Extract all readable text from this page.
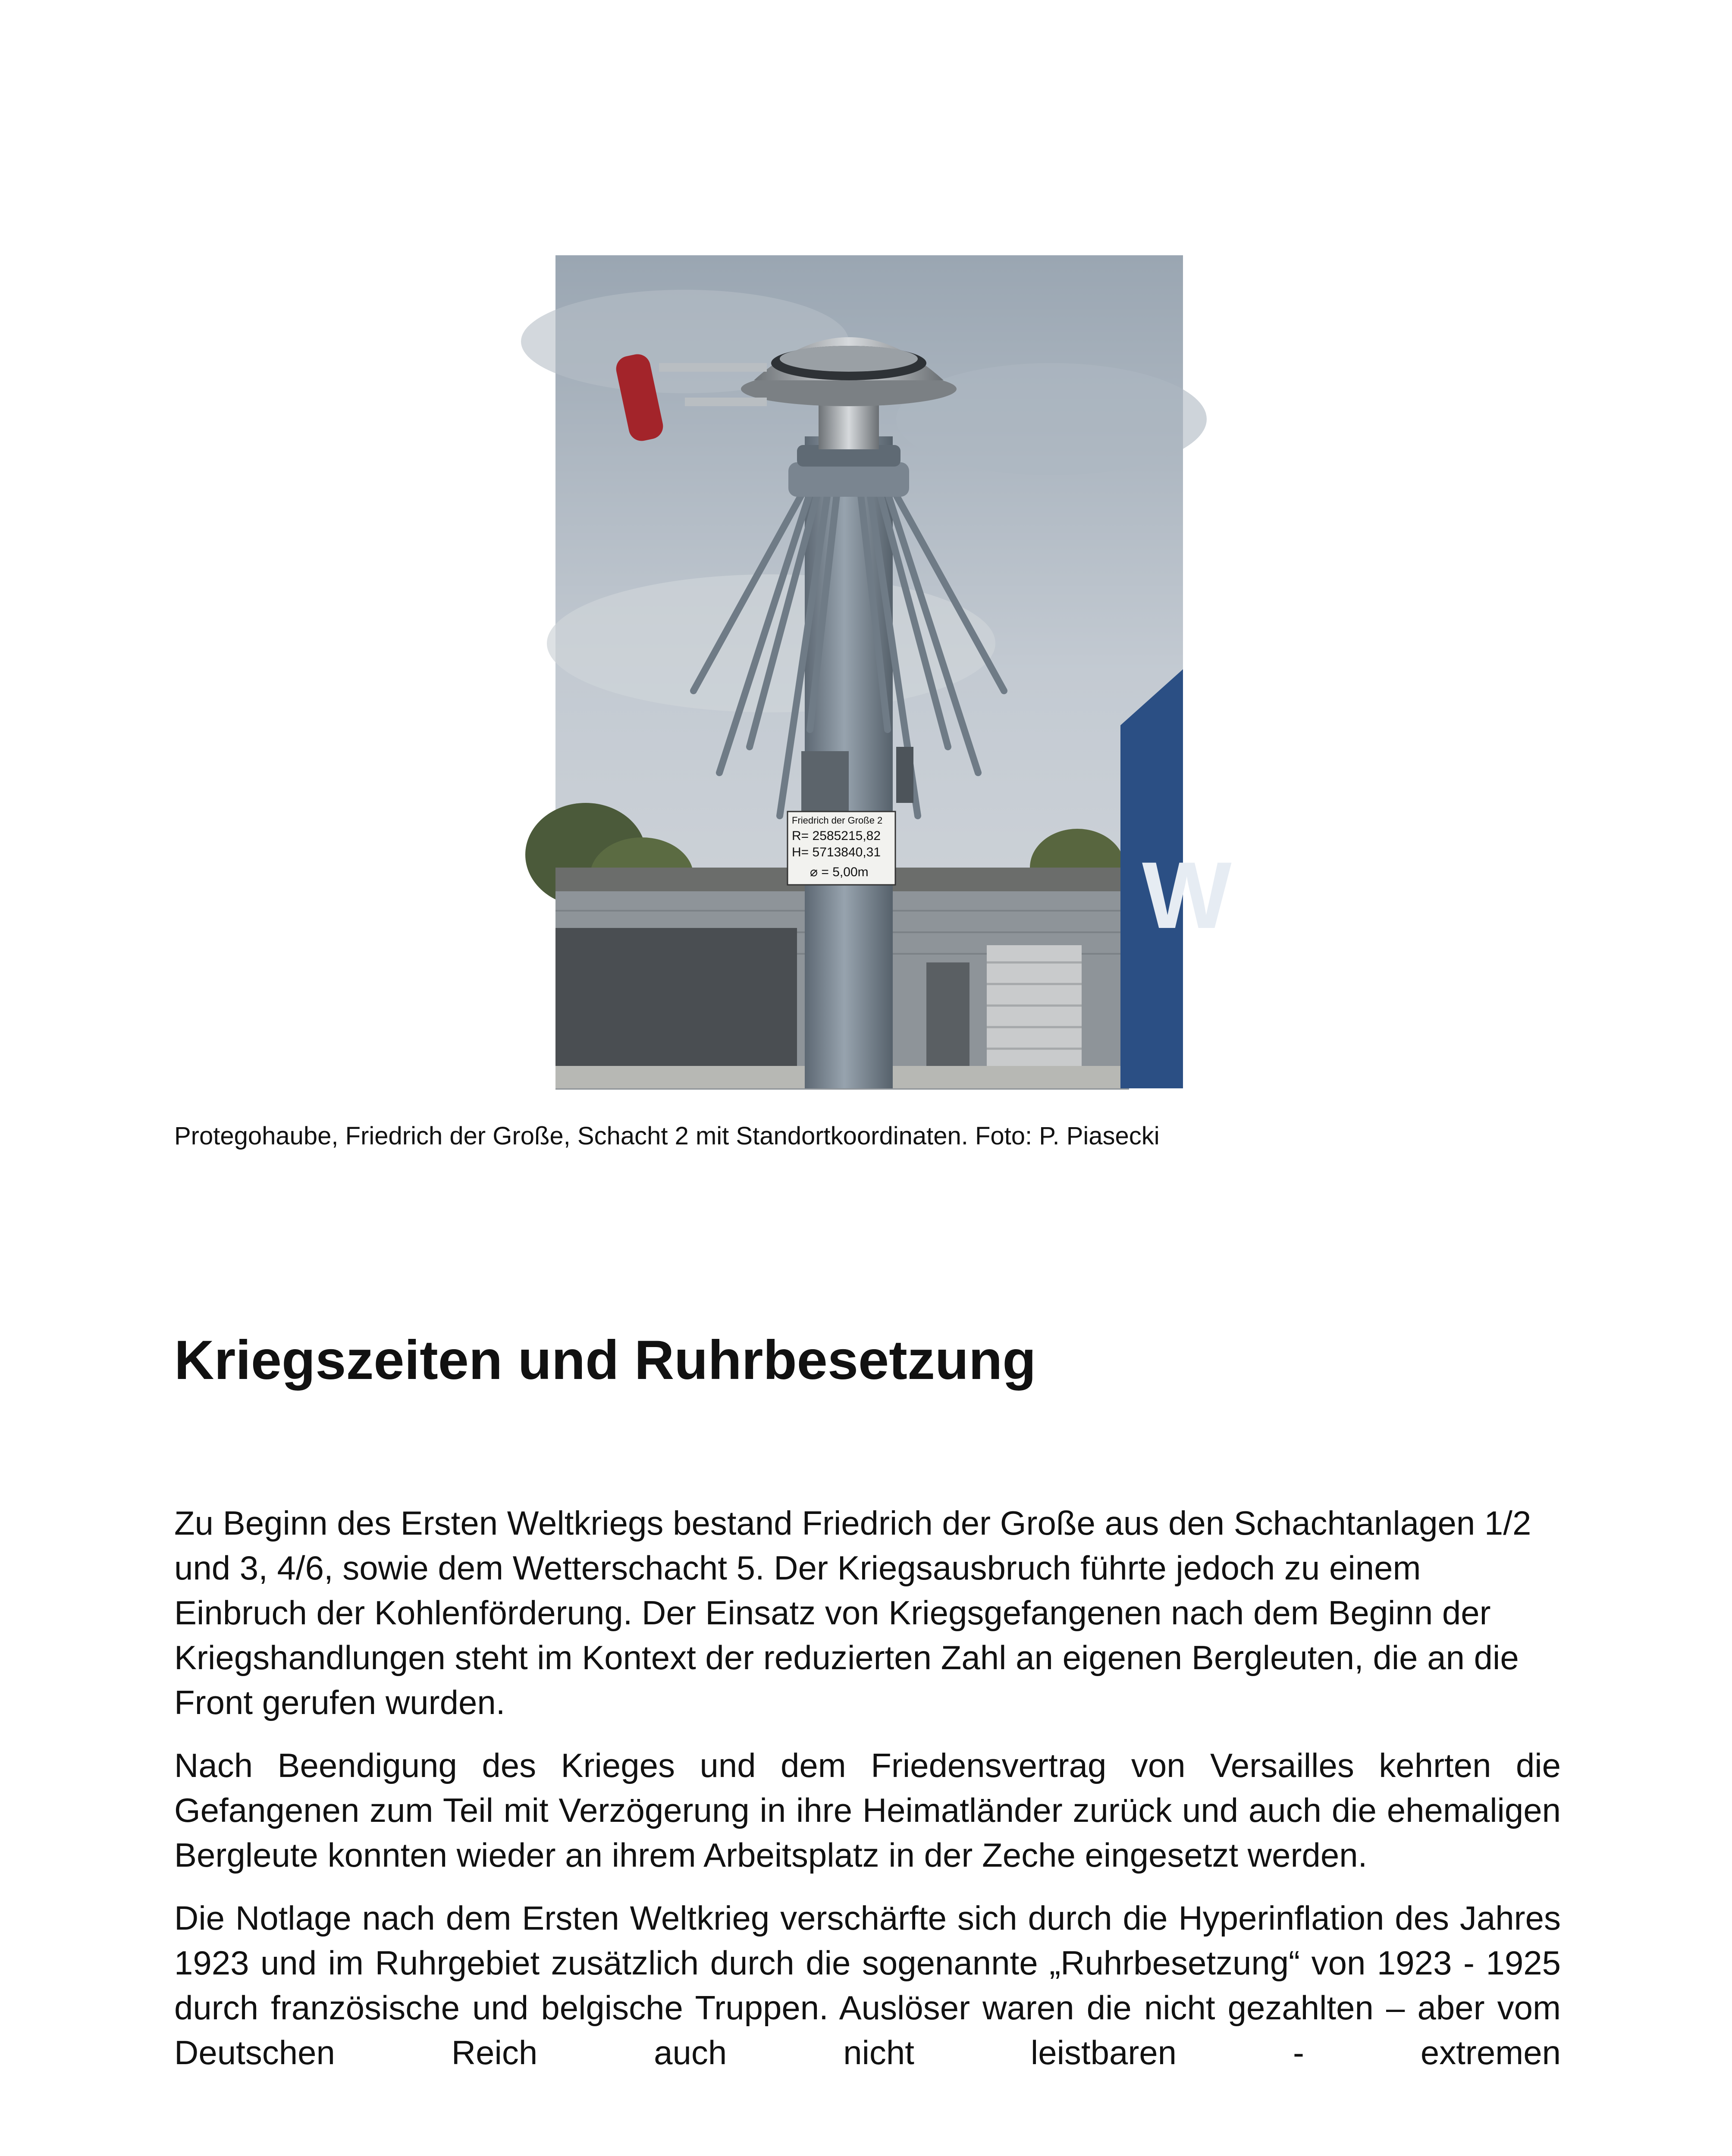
W
Friedrich der Große 2
R= 2585215,82
H= 5713840,31
⌀ = 5,00m
Protegohaube, Friedrich der Große, Schacht 2 mit Standortkoordinaten. Foto: P. Piasecki
Kriegszeiten und Ruhrbesetzung

Zu Beginn des Ersten Weltkriegs bestand Friedrich der Große aus den Schachtanlagen 1/2 und 3, 4/6, sowie dem Wetterschacht 5. Der Kriegsausbruch führte jedoch zu einem Einbruch der Kohlenförderung. Der Einsatz von Kriegsgefangenen nach dem Beginn der Kriegshandlungen steht im Kontext der reduzierten Zahl an eigenen Bergleuten, die an die Front gerufen wurden.

Nach Beendigung des Krieges und dem Friedensvertrag von Versailles kehrten die Gefangenen zum Teil mit Verzögerung in ihre Heimatländer zurück und auch die ehemaligen Bergleute konnten wieder an ihrem Arbeitsplatz in der Zeche eingesetzt werden.

Die Notlage nach dem Ersten Weltkrieg verschärfte sich durch die Hyperinflation des Jahres 1923 und im Ruhrgebiet zusätzlich durch die sogenannte „Ruhrbesetzung“ von 1923 - 1925 durch französische und belgische Truppen. Auslöser waren die nicht gezahlten – aber vom Deutschen Reich auch nicht leistbaren - extremen
